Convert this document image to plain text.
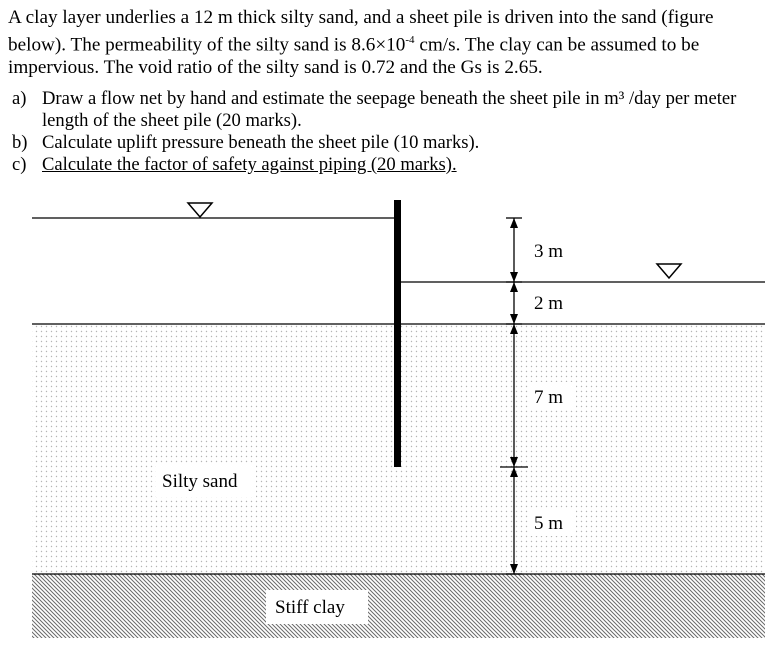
A clay layer underlies a 12 m thick silty sand, and a sheet pile is driven into the sand (figure below). The permeability of the silty sand is $8.6\times 10^{-4}$ cm/s. The clay can be assumed to be impervious. The void ratio of the silty sand is 0.72 and the Gs is 2.65.

a) Draw a flow net by hand and estimate the seepage beneath the sheet pile in m³ /day per meter length of the sheet pile (20 marks).
b) Calculate uplift pressure beneath the sheet pile (10 marks).
c) Calculate the factor of safety against piping (20 marks).
3 m
2 m
7 m
5 m
Silty sand
Stiff clay
